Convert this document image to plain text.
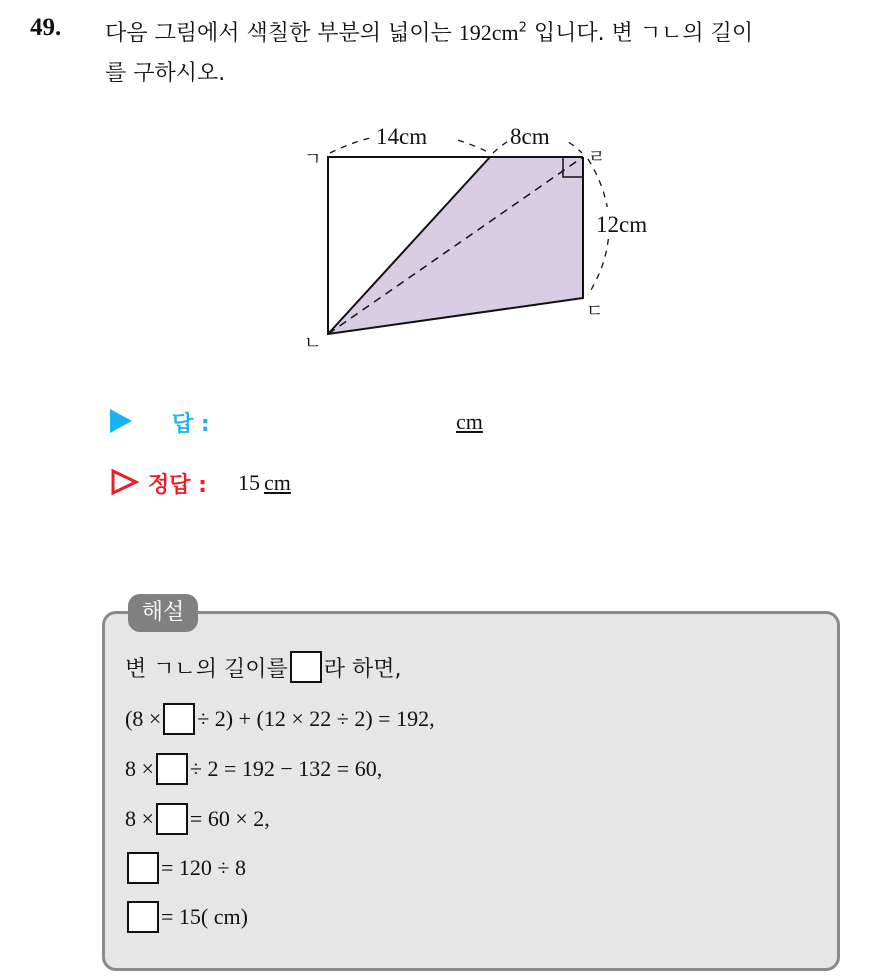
49. 다음 그림에서 색칠한 부분의 넓이는 $192cm^2$ 입니다. 변 ㄱㄴ의 길이
를 구하시오.
14cm	8cm
12cm
ㄱ
ㄴ
ㄹ
ㄷ
답 :	cm
정답 : 15 cm
해설
변 ㄱㄴ의 길이를 라 하면,
(8 × ÷ 2) + (12 × 22 ÷ 2) = 192,
8 × ÷ 2 = 192 − 132 = 60,
8 × = 60 × 2,
= 120 ÷ 8
= 15( cm)
